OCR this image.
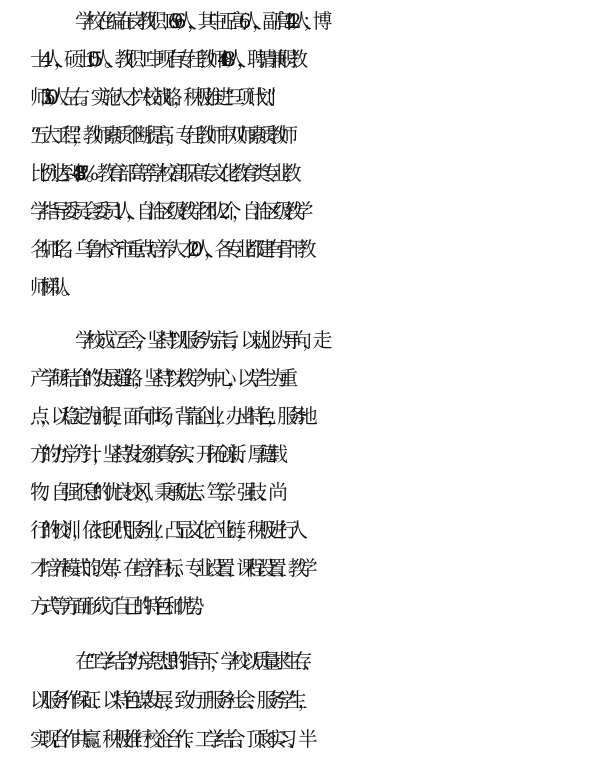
学校在编在岗教职工696人，其中正高6人，副高142人；博

士4人，硕士105人。教职工中现有专任教师408人，聘请兼职教

师350人左右。实施人才兴校战略，积极推进“三项计划”、

“五大工程”，教师素质不断提高，专任教师中双师素质教师

比例达到43.87% 。教育部高等学校高职高专文化教育类专业教

学指导委员会委员1人，自治区级教学团队2个，自治区级教学

名师1名。乌鲁木齐市重点培养人才20人，各专业都建有骨干教

师梯队。

学校成立至今，坚持“以服务为宗旨，以就业为导向，走

产学研结合”的发展道路，坚持“以教学为中心，以学生为重

点，以稳定为前提，面向市场，背靠企业，办出特色，服务地

方”的办学方针，坚持发扬“求真务实、开拓创新、厚德载

物、自强不息”的优良校风，秉承“励志、笃学、强技、尚

行”的校训，依托现代服务业，凸显文化产业链，积极进行人

才培养模式的改革，在培养目标、专业设置、课程设置、教学

方式等方面形成了自己的特色和优势。

在“工学结合”办学思想的指导下，学校以质量求生存、

以服务作保证、以特色谋发展，致力于服务社会、服务学生，

实现合作共赢。积极推行校企合作、工学结合、顶岗实习、半
